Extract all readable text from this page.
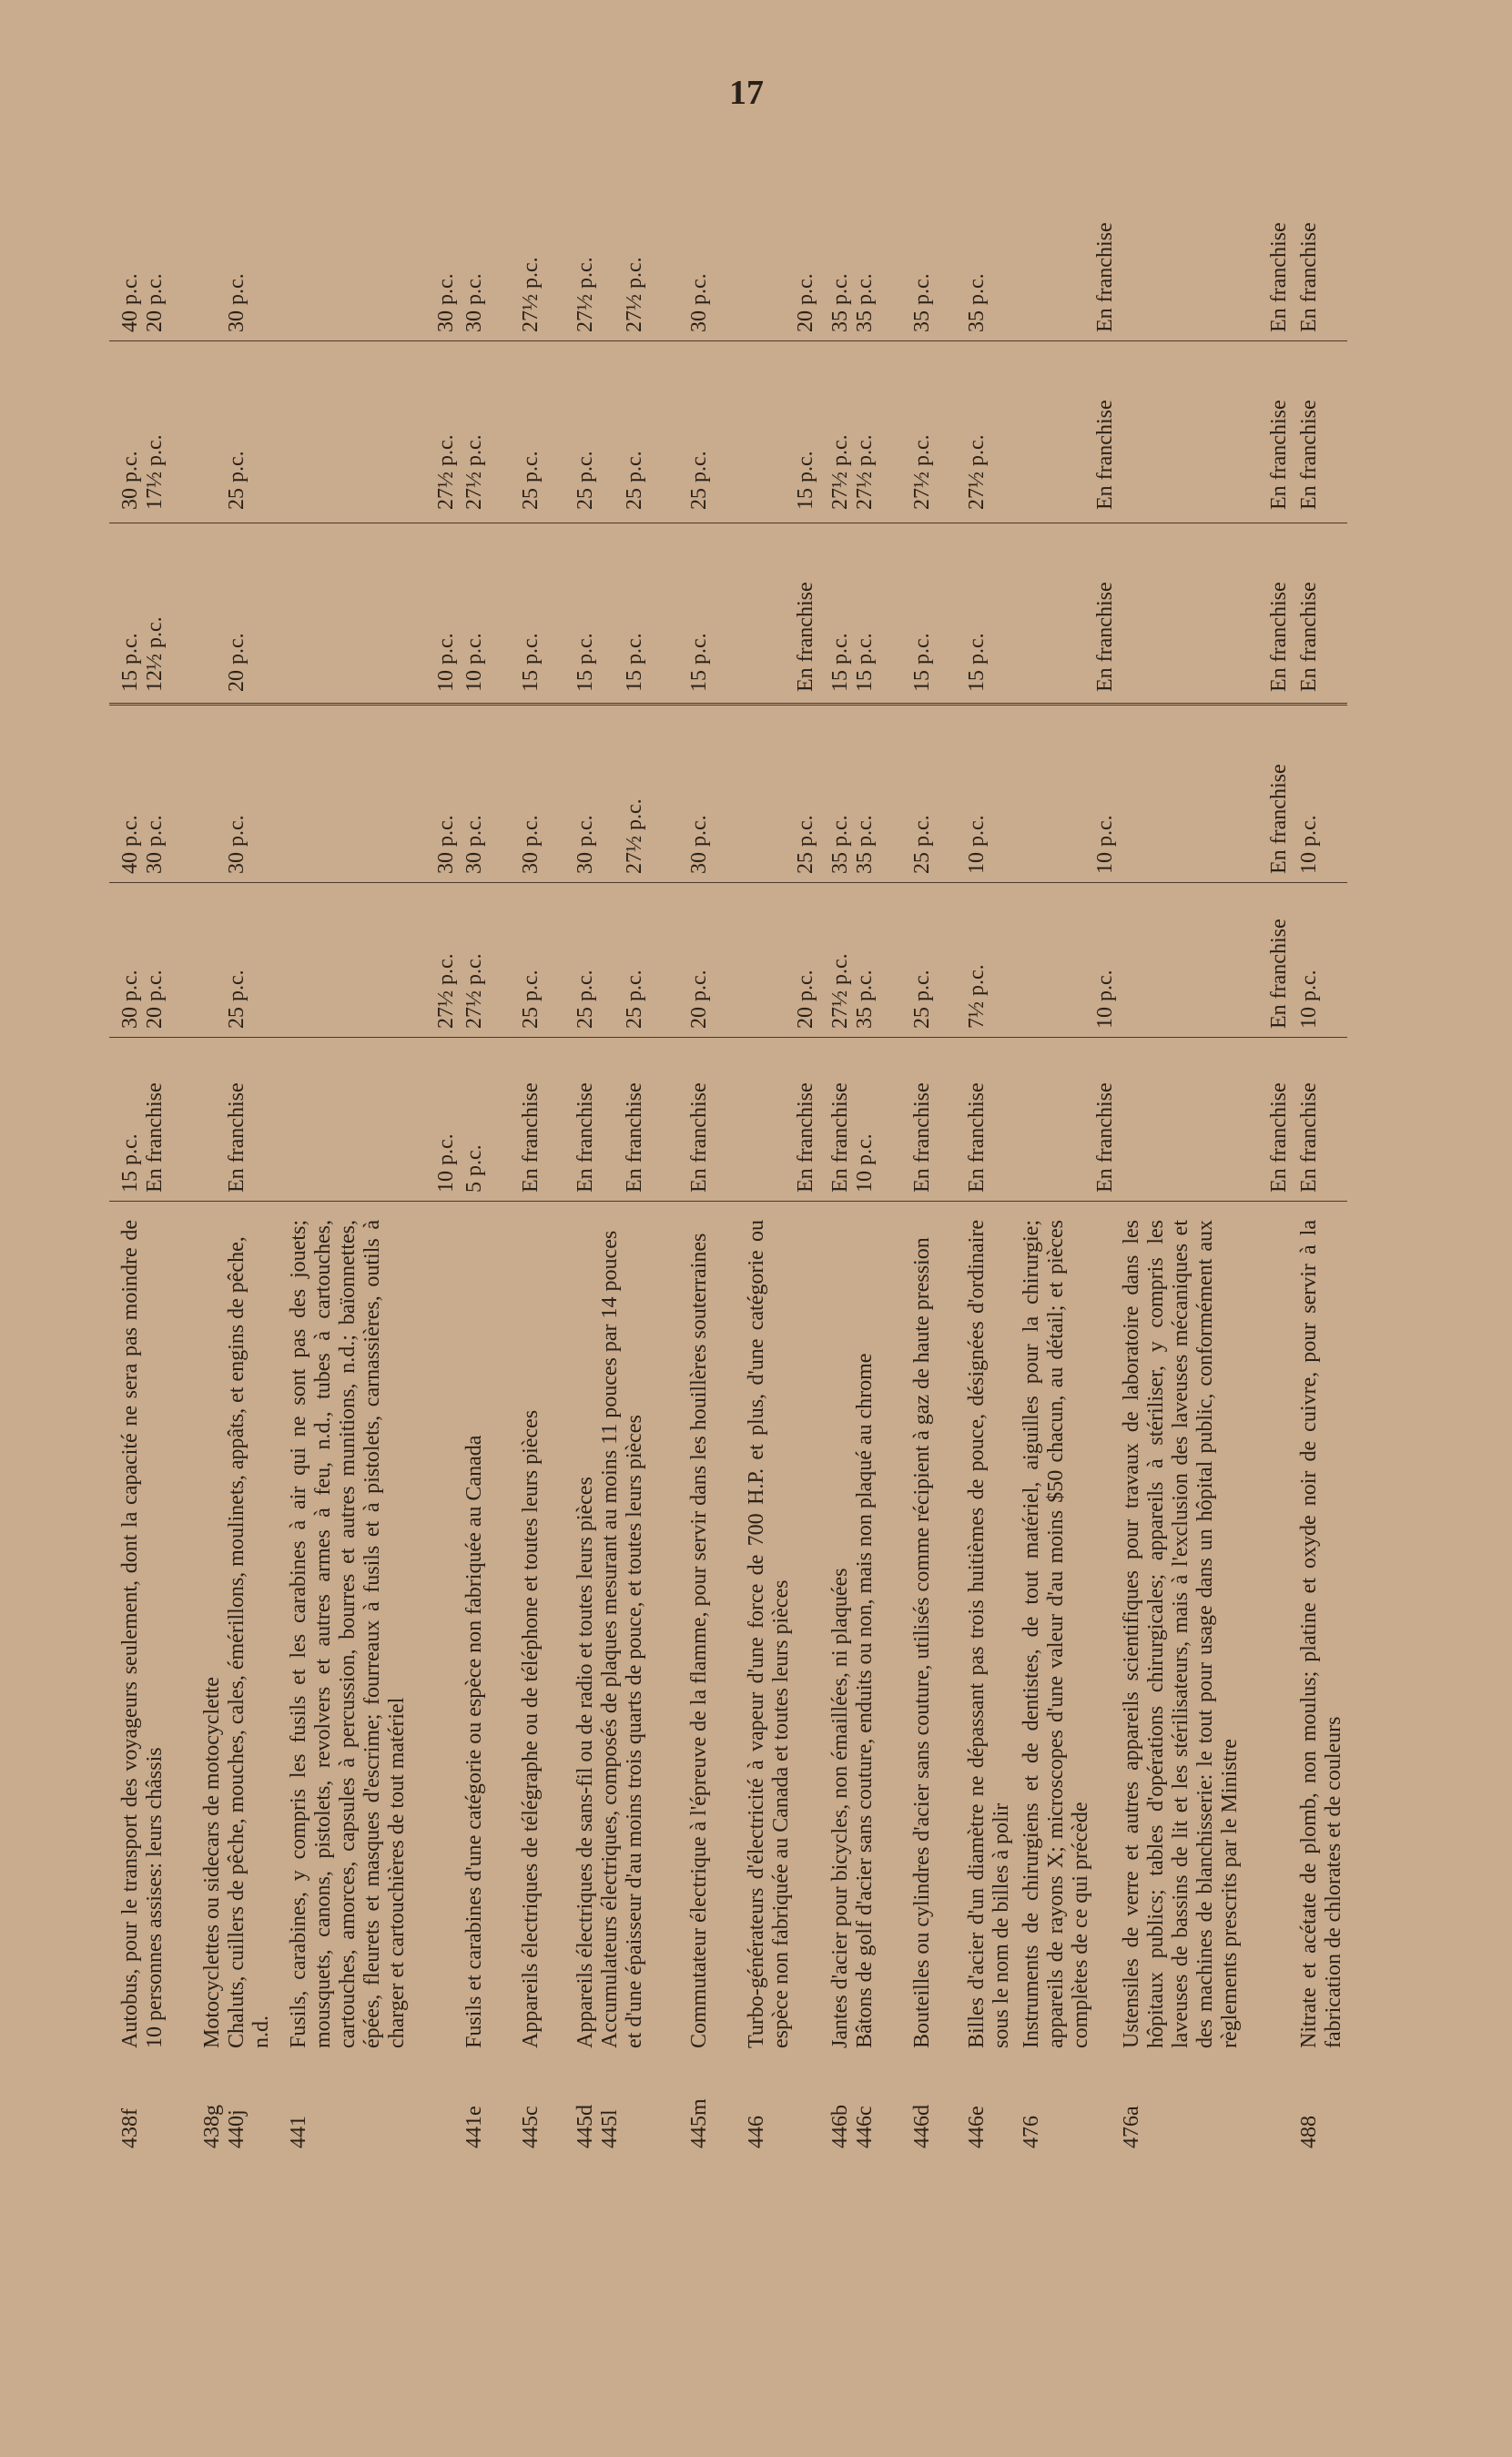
17
438f
Autobus, pour le transport des voyageurs seulement, dont la capacité ne sera pas moindre de 10 personnes assises: leurs châssis
15 p.c.
En franchise
30 p.c.
20 p.c.
40 p.c.
30 p.c.
15 p.c.
12½ p.c.
30 p.c.
17½ p.c.
40 p.c.
20 p.c.
438g
440j
Motocyclettes ou sidecars de motocyclette
Chaluts, cuillers de pêche, mouches, cales, émérillons, moulinets, appâts, et engins de pêche, n.d.
En franchise
25 p.c.
30 p.c.
20 p.c.
25 p.c.
30 p.c.
441
Fusils, carabines, y compris les fusils et les carabines à air qui ne sont pas des jouets; mousquets, canons, pistolets, revolvers et autres armes à feu, n.d., tubes à cartouches, cartouches, amorces, capsules à percussion, bourres et autres munitions, n.d.; baïonnettes, épées, fleurets et masques d'escrime; fourreaux à fusils et à pistolets, carnassières, outils à charger et cartouchières de tout matériel
10 p.c.
27½ p.c.
30 p.c.
10 p.c.
27½ p.c.
30 p.c.
441e
Fusils et carabines d'une catégorie ou espèce non fabriquée au Canada
5 p.c.
27½ p.c.
30 p.c.
10 p.c.
27½ p.c.
30 p.c.
445c
Appareils électriques de télégraphe ou de téléphone et toutes leurs pièces
En franchise
25 p.c.
30 p.c.
15 p.c.
25 p.c.
27½ p.c.
445d
445l
Appareils électriques de sans-fil ou de radio et toutes leurs pièces
Accumulateurs électriques, composés de plaques mesurant au moins 11 pouces par 14 pouces et d'une épaisseur d'au moins trois quarts de pouce, et toutes leurs pièces
En franchise

En franchise
25 p.c.

25 p.c.
30 p.c.

27½ p.c.
15 p.c.

15 p.c.
25 p.c.

25 p.c.
27½ p.c.

27½ p.c.
445m
Commutateur électrique à l'épreuve de la flamme, pour servir dans les houillères souterraines
En franchise
20 p.c.
30 p.c.
15 p.c.
25 p.c.
30 p.c.
446
Turbo-générateurs d'électricité à vapeur d'une force de 700 H.P. et plus, d'une catégorie ou espèce non fabriquée au Canada et toutes leurs pièces
En franchise
20 p.c.
25 p.c.
En franchise
15 p.c.
20 p.c.
446b
446c
Jantes d'acier pour bicycles, non émaillées, ni plaquées
Bâtons de golf d'acier sans couture, enduits ou non, mais non plaqué au chrome
En franchise
10 p.c.
27½ p.c.
35 p.c.
35 p.c.
35 p.c.
15 p.c.
15 p.c.
27½ p.c.
27½ p.c.
35 p.c.
35 p.c.
446d
Bouteilles ou cylindres d'acier sans couture, utilisés comme récipient à gaz de haute pression
En franchise
25 p.c.
25 p.c.
15 p.c.
27½ p.c.
35 p.c.
446e
Billes d'acier d'un diamètre ne dépassant pas trois huitièmes de pouce, désignées d'ordinaire sous le nom de billes à polir
En franchise
7½ p.c.
10 p.c.
15 p.c.
27½ p.c.
35 p.c.
476
Instruments de chirurgiens et de dentistes, de tout matériel, aiguilles pour la chirurgie; appareils de rayons X; microscopes d'une valeur d'au moins $50 chacun, au détail; et pièces complètes de ce qui précède
En franchise
10 p.c.
10 p.c.
En franchise
En franchise
En franchise
476a
Ustensiles de verre et autres appareils scientifiques pour travaux de laboratoire dans les hôpitaux publics; tables d'opérations chirurgicales; appareils à stériliser, y compris les laveuses de bassins de lit et les stérilisateurs, mais à l'exclusion des laveuses mécaniques et des machines de blanchisserie: le tout pour usage dans un hôpital public, conformément aux règlements prescrits par le Ministre
En franchise
En franchise
En franchise
En franchise
En franchise
En franchise
488
Nitrate et acétate de plomb, non moulus; platine et oxyde noir de cuivre, pour servir à la fabrication de chlorates et de couleurs
En franchise
10 p.c.
10 p.c.
En franchise
En franchise
En franchise
